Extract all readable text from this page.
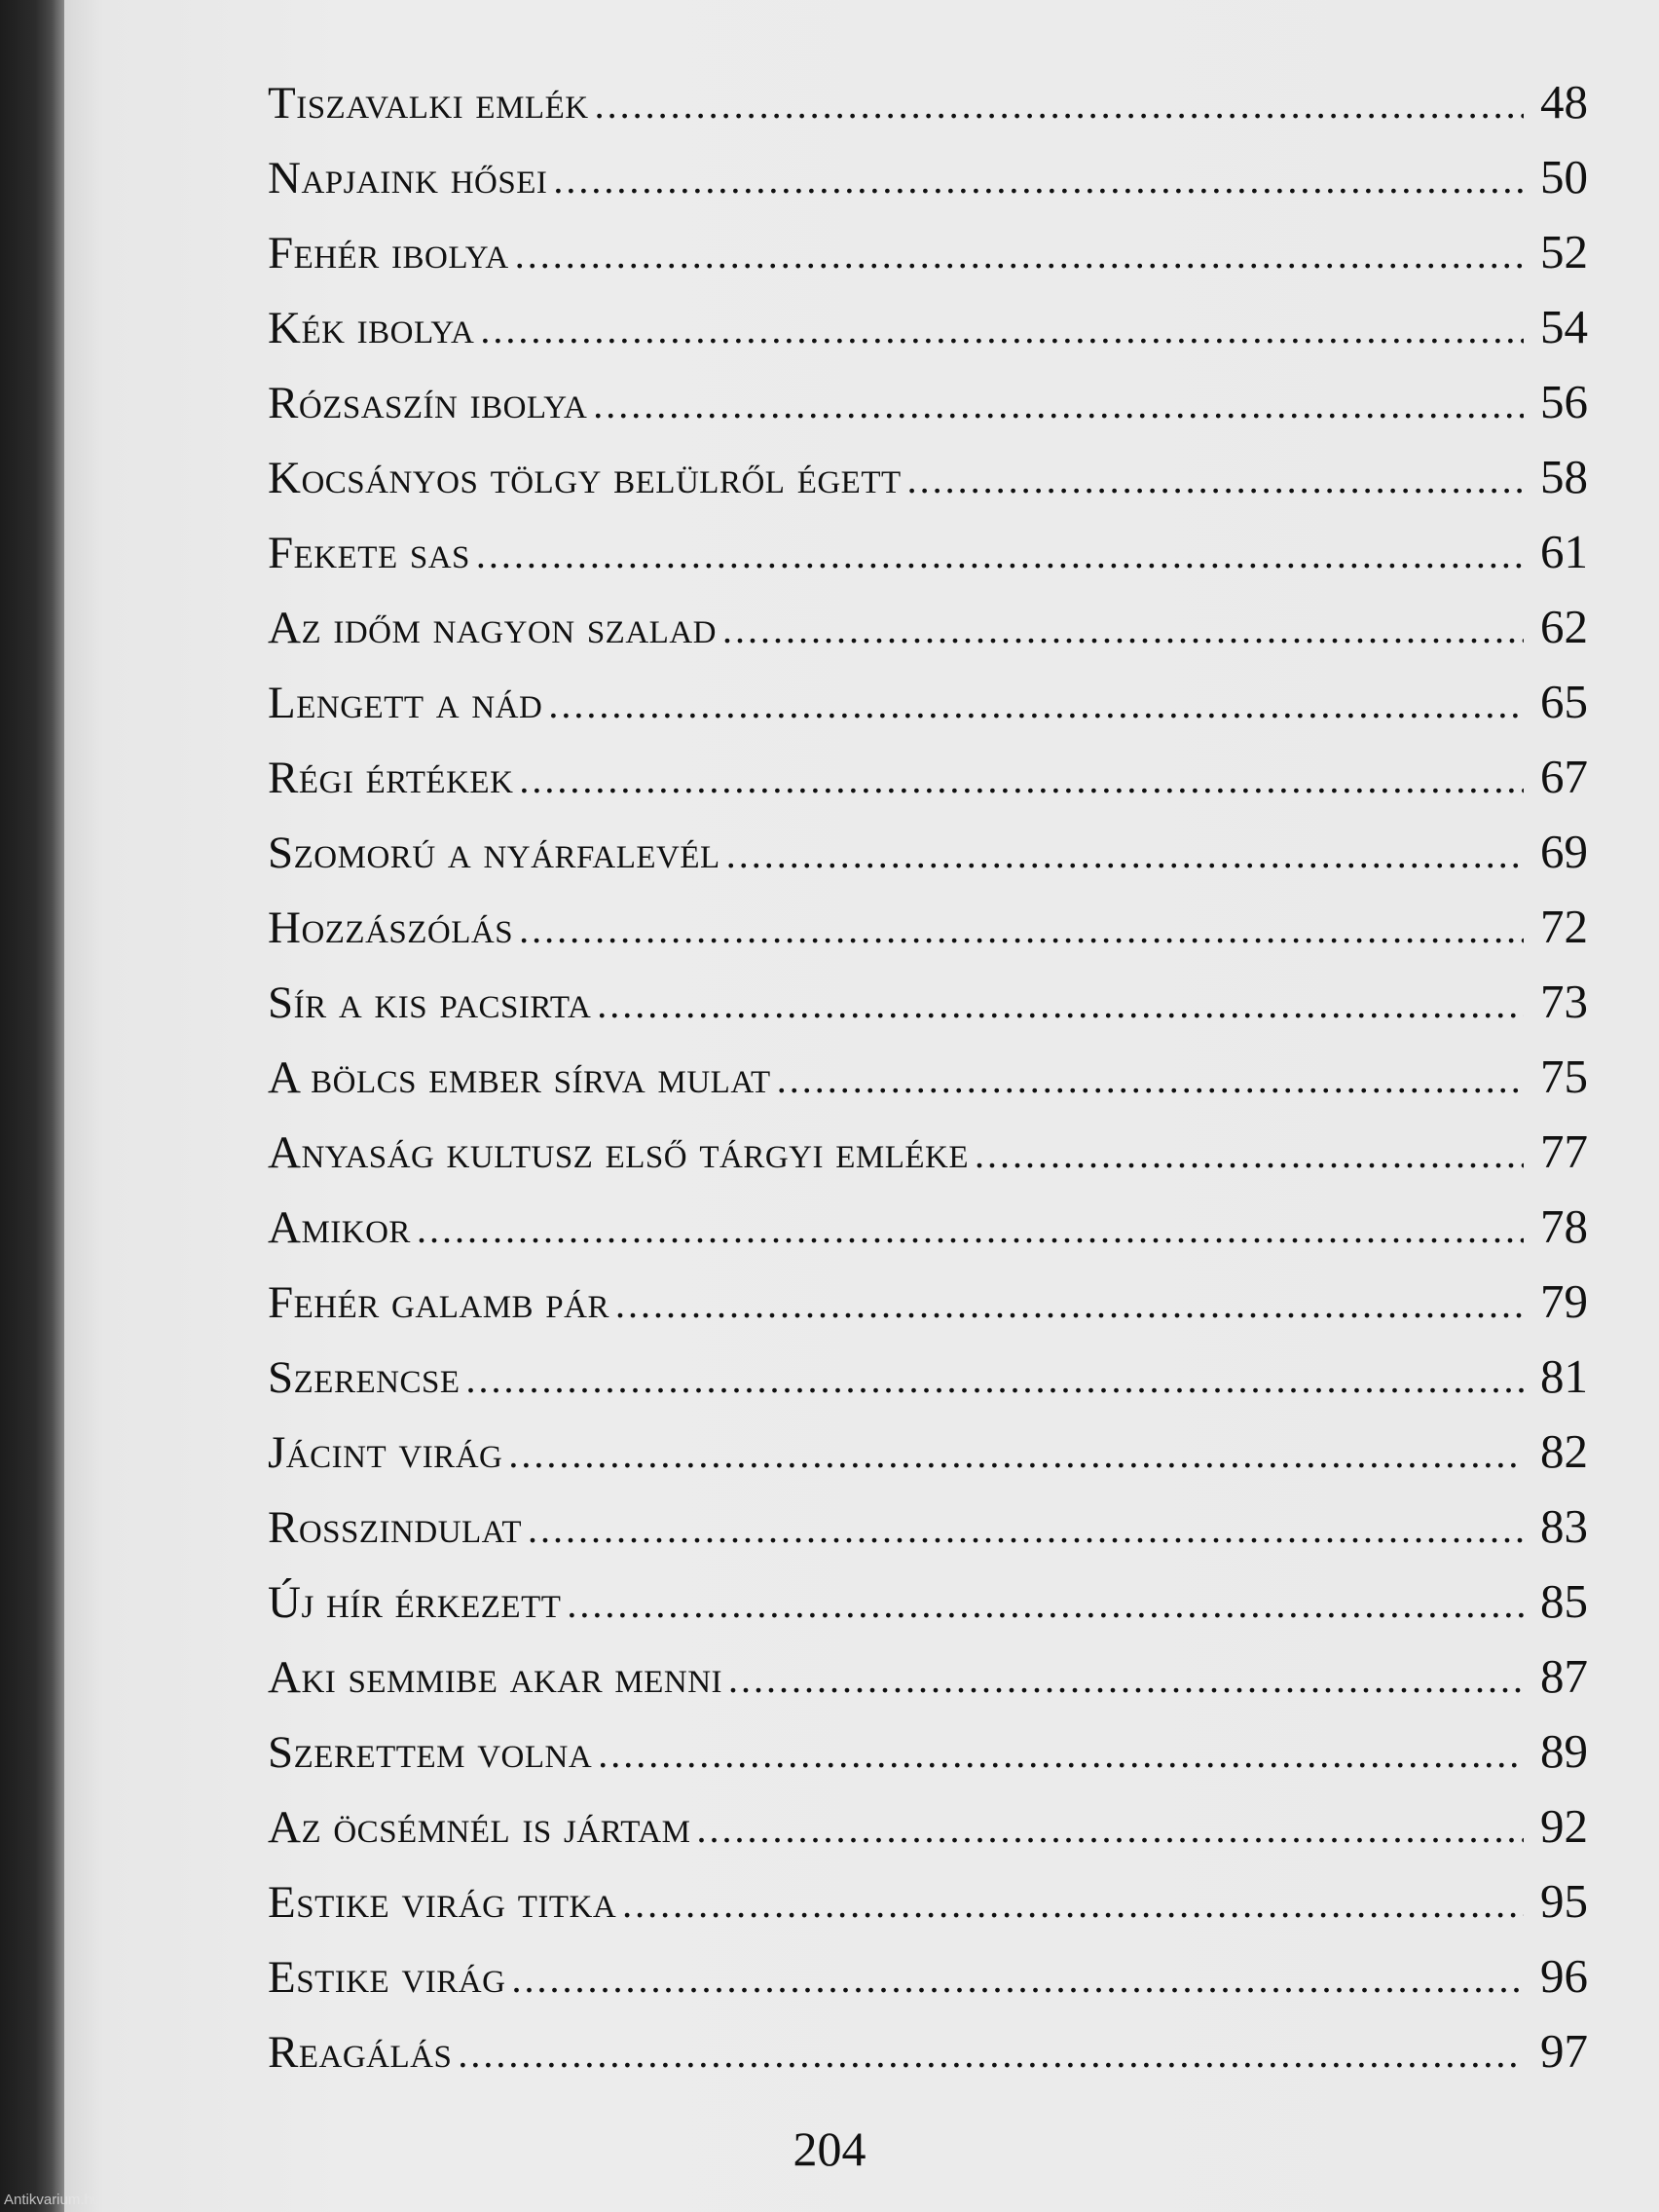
Tiszavalki emlék .....	48
Napjaink hősei .....	50
Fehér ibolya .....	52
Kék ibolya .....	54
Rózsaszín ibolya .....	56
Kocsányos tölgy belülről égett .....	58
Fekete sas .....	61
Az időm nagyon szalad .....	62
Lengett a nád .....	65
Régi értékek .....	67
Szomorú a nyárfalevél .....	69
Hozzászólás .....	72
Sír a kis pacsirta .....	73
A bölcs ember sírva mulat .....	75
Anyaság kultusz első tárgyi emléke .....	77
Amikor .....	78
Fehér galamb pár .....	79
Szerencse .....	81
Jácint virág .....	82
Rosszindulat .....	83
Új hír érkezett .....	85
Aki semmibe akar menni .....	87
Szerettem volna .....	89
Az öcsémnél is jártam .....	92
Estike virág titka .....	95
Estike virág .....	96
Reagálás .....	97
204
Antikvarium.hu
